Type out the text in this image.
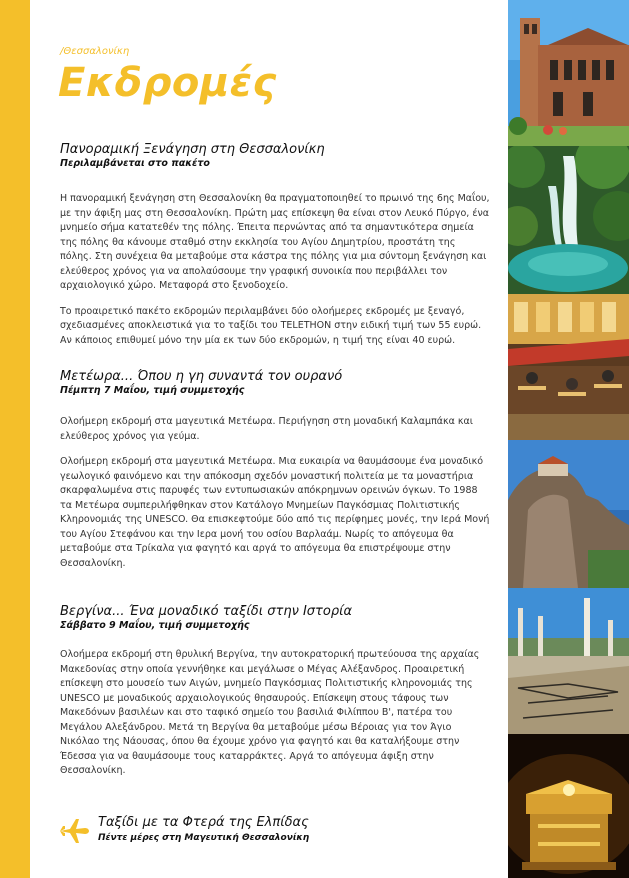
/Θεσσαλονίκη
Εκδρομές

Πανοραμική Ξενάγηση στη Θεσσαλονίκη

Περιλαμβάνεται στο πακέτο

Η πανοραμική ξενάγηση στη Θεσσαλονίκη θα πραγματοποιηθεί το πρωινό της 6ης Μαΐου, με την άφιξη μας στη Θεσσαλονίκη. Πρώτη μας επίσκεψη θα είναι στον Λευκό Πύργο, ένα μνημείο σήμα κατατεθέν της πόλης. Έπειτα περνώντας από τα σημαντικότερα σημεία της πόλης θα κάνουμε σταθμό στην εκκλησία του Αγίου Δημητρίου, προστάτη της πόλης. Στη συνέχεια θα μεταβούμε στα κάστρα της πόλης για μια σύντομη ξενάγηση και ελεύθερος χρόνος για να απολαύσουμε την γραφική συνοικία που περιβάλλει τον αρχαιολογικό χώρο. Μεταφορά στο ξενοδοχείο.

Το προαιρετικό πακέτο εκδρομών περιλαμβάνει δύο ολοήμερες εκδρομές με ξεναγό, σχεδιασμένες αποκλειστικά για το ταξίδι του TELETHON στην ειδική τιμή των 55 ευρώ. Αν κάποιος επιθυμεί μόνο την μία εκ των δύο εκδρομών, η τιμή της είναι 40 ευρώ.

Μετέωρα... Όπου η γη συναντά τον ουρανό

Πέμπτη 7 Μαΐου, τιμή συμμετοχής

Ολοήμερη εκδρομή στα μαγευτικά Μετέωρα. Περιήγηση στη μοναδική Καλαμπάκα και ελεύθερος χρόνος για γεύμα.

Ολοήμερη εκδρομή στα μαγευτικά Μετέωρα. Μια ευκαιρία να θαυμάσουμε ένα μοναδικό γεωλογικό φαινόμενο και την απόκοσμη σχεδόν μοναστική πολιτεία με τα μοναστήρια σκαρφαλωμένα στις παρυφές των εντυπωσιακών απόκρημνων ορεινών όγκων. Το 1988 τα Μετέωρα συμπεριλήφθηκαν στον Κατάλογο Μνημείων Παγκόσμιας Πολιτιστικής Κληρονομιάς της UNESCO. Θα επισκεφτούμε δύο από τις περίφημες μονές, την Ιερά Μονή του Αγίου Στεφάνου και την Ιερα μονή του οσίου Βαρλαάμ. Νωρίς το απόγευμα θα μεταβούμε στα Τρίκαλα για φαγητό και αργά το απόγευμα θα επιστρέψουμε στην Θεσσαλονίκη.

Βεργίνα... Ένα μοναδικό ταξίδι στην Ιστορία

Σάββατο 9 Μαΐου, τιμή συμμετοχής

Ολοήμερα εκδρομή στη θρυλική Βεργίνα, την αυτοκρατορική πρωτεύουσα της αρχαίας Μακεδονίας στην οποία γεννήθηκε και μεγάλωσε ο Μέγας Αλέξανδρος. Προαιρετική επίσκεψη στο μουσείο των Αιγών, μνημείο Παγκόσμιας Πολιτιστικής κληρονομιάς της UNESCO με μοναδικούς αρχαιολογικούς θησαυρούς. Επίσκεψη στους τάφους των Μακεδόνων βασιλέων και στο ταφικό σημείο του βασιλιά Φιλίππου Β', πατέρα του Μεγάλου Αλεξάνδρου. Μετά τη Βεργίνα θα μεταβούμε μέσω Βέροιας για τον Άγιο Νικόλαο της Νάουσας, όπου θα έχουμε χρόνο για φαγητό και θα καταλήξουμε στην Έδεσσα για να θαυμάσουμε τους καταρράκτες. Αργά το απόγευμα άφιξη στην Θεσσαλονίκη.

Ταξίδι με τα Φτερά της Ελπίδας
Πέντε μέρες στη Μαγευτική Θεσσαλονίκη
